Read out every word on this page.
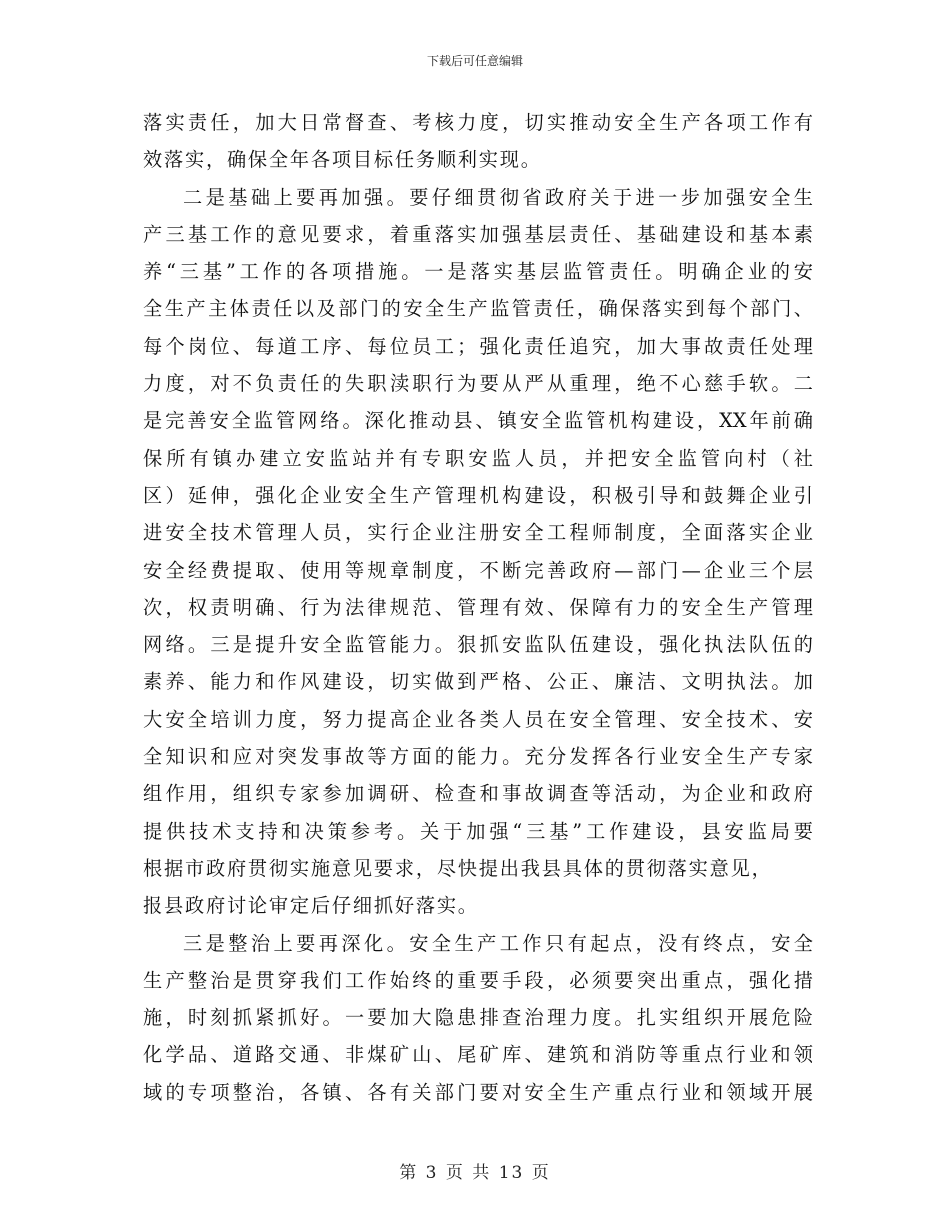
下载后可任意编辑
落实责任，加大日常督查、考核力度，切实推动安全生产各项工作有
效落实，确保全年各项目标任务顺利实现。
二是基础上要再加强。要仔细贯彻省政府关于进一步加强安全生
产三基工作的意见要求，着重落实加强基层责任、基础建设和基本素
养“三基”工作的各项措施。一是落实基层监管责任。明确企业的安
全生产主体责任以及部门的安全生产监管责任，确保落实到每个部门、
每个岗位、每道工序、每位员工；强化责任追究，加大事故责任处理
力度，对不负责任的失职渎职行为要从严从重理，绝不心慈手软。二
是完善安全监管网络。深化推动县、镇安全监管机构建设，XX年前确
保所有镇办建立安监站并有专职安监人员，并把安全监管向村（社
区）延伸，强化企业安全生产管理机构建设，积极引导和鼓舞企业引
进安全技术管理人员，实行企业注册安全工程师制度，全面落实企业
安全经费提取、使用等规章制度，不断完善政府—部门—企业三个层
次，权责明确、行为法律规范、管理有效、保障有力的安全生产管理
网络。三是提升安全监管能力。狠抓安监队伍建设，强化执法队伍的
素养、能力和作风建设，切实做到严格、公正、廉洁、文明执法。加
大安全培训力度，努力提高企业各类人员在安全管理、安全技术、安
全知识和应对突发事故等方面的能力。充分发挥各行业安全生产专家
组作用，组织专家参加调研、检查和事故调查等活动，为企业和政府
提供技术支持和决策参考。关于加强“三基”工作建设，县安监局要
根据市政府贯彻实施意见要求，尽快提出我县具体的贯彻落实意见，
报县政府讨论审定后仔细抓好落实。
三是整治上要再深化。安全生产工作只有起点，没有终点，安全
生产整治是贯穿我们工作始终的重要手段，必须要突出重点，强化措
施，时刻抓紧抓好。一要加大隐患排查治理力度。扎实组织开展危险
化学品、道路交通、非煤矿山、尾矿库、建筑和消防等重点行业和领
域的专项整治，各镇、各有关部门要对安全生产重点行业和领域开展
第 3 页 共 13 页
